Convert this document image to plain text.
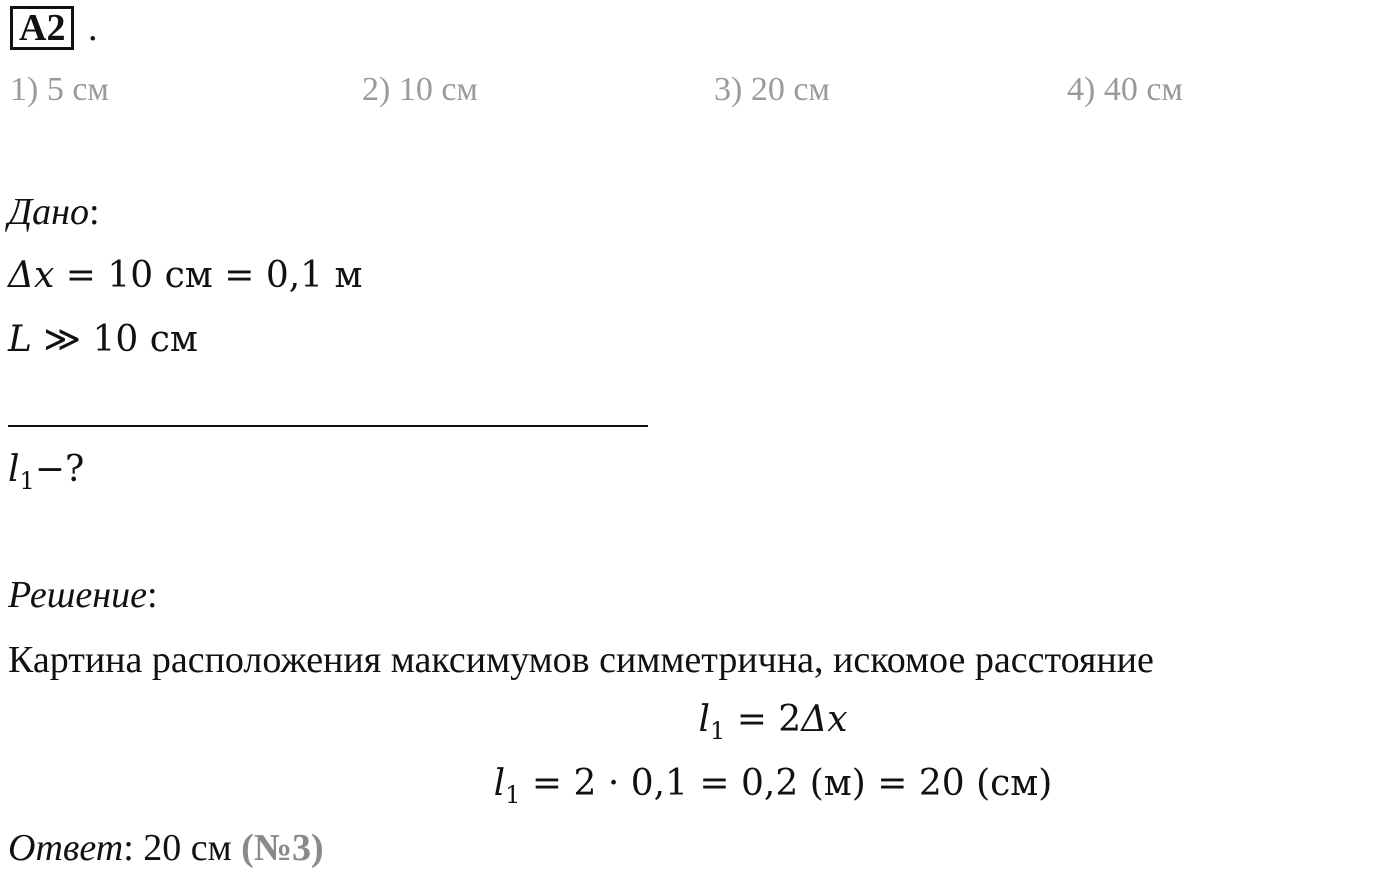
A2 .
1) 5 см	2) 10 см	3) 20 см	4) 40 см
Дано:
Δx = 10 см = 0,1 м
L ≫ 10 см
$l_1-$?
Решение:
Картина расположения максимумов симметрична, искомое расстояние
$l_1 = 2\Delta x$
$l_1 = 2 \cdot 0,1 = 0,2$ (м) = 20 (см)
Ответ: 20 см (№3)
